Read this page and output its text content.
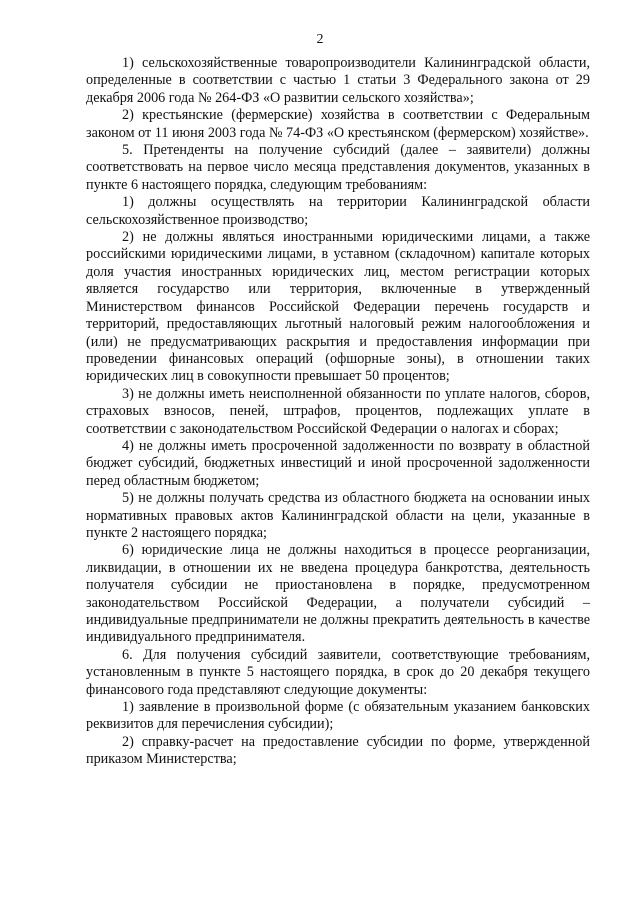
2

1) сельскохозяйственные товаропроизводители Калининградской области, определенные в соответствии с частью 1 статьи 3 Федерального закона от 29 декабря 2006 года № 264-ФЗ «О развитии сельского хозяйства»;

2) крестьянские (фермерские) хозяйства в соответствии с Федеральным законом от 11 июня 2003 года № 74-ФЗ «О крестьянском (фермерском) хозяйстве».

5. Претенденты на получение субсидий (далее – заявители) должны соответствовать на первое число месяца представления документов, указанных в пункте 6 настоящего порядка, следующим требованиям:

1) должны осуществлять на территории Калининградской области сельскохозяйственное производство;

2) не должны являться иностранными юридическими лицами, а также российскими юридическими лицами, в уставном (складочном) капитале которых доля участия иностранных юридических лиц, местом регистрации которых является государство или территория, включенные в утвержденный Министерством финансов Российской Федерации перечень государств и территорий, предоставляющих льготный налоговый режим налогообложения и (или) не предусматривающих раскрытия и предоставления информации при проведении финансовых операций (офшорные зоны), в отношении таких юридических лиц в совокупности превышает 50 процентов;

3) не должны иметь неисполненной обязанности по уплате налогов, сборов, страховых взносов, пеней, штрафов, процентов, подлежащих уплате в соответствии с законодательством Российской Федерации о налогах и сборах;

4) не должны иметь просроченной задолженности по возврату в областной бюджет субсидий, бюджетных инвестиций и иной просроченной задолженности перед областным бюджетом;

5) не должны получать средства из областного бюджета на основании иных нормативных правовых актов Калининградской области на цели, указанные в пункте 2 настоящего порядка;

6) юридические лица не должны находиться в процессе реорганизации, ликвидации, в отношении их не введена процедура банкротства, деятельность получателя субсидии не приостановлена в порядке, предусмотренном законодательством Российской Федерации, а получатели субсидий – индивидуальные предприниматели не должны прекратить деятельность в качестве индивидуального предпринимателя.

6. Для получения субсидий заявители, соответствующие требованиям, установленным в пункте 5 настоящего порядка, в срок до 20 декабря текущего финансового года представляют следующие документы:

1) заявление в произвольной форме (с обязательным указанием банковских реквизитов для перечисления субсидии);

2) справку-расчет на предоставление субсидии по форме, утвержденной приказом Министерства;
